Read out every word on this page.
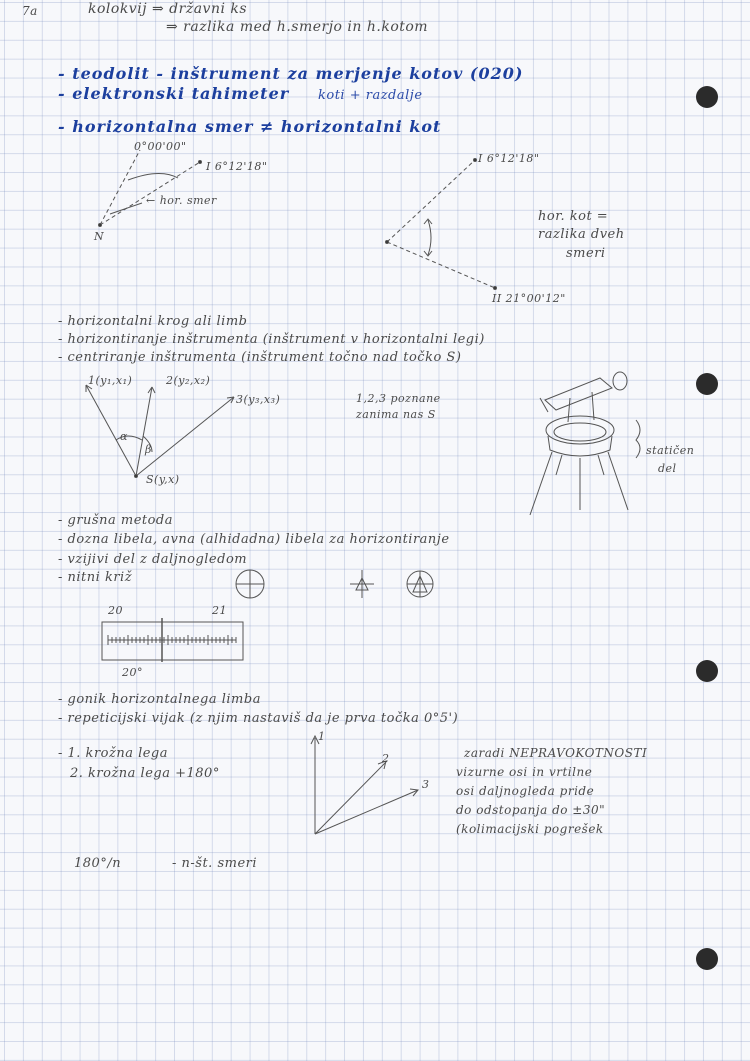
7a	kolokvij ⇒ državni ks
⇒ razlika med h.smerjo in h.kotom
- teodolit - inštrument za merjenje kotov (020)
- elektronski tahimeter koti + razdalje
- horizontalna smer ≠ horizontalni kot
0°00'00"
I 6°12'18"
N
← hor. smer
I 6°12'18"
II 21°00'12"
hor. kot =
razlika dveh
smeri
- horizontalni krog ali limb
- horizontiranje inštrumenta (inštrument v horizontalni legi)
- centriranje inštrumenta (inštrument točno nad točko S)
1(y₁,x₁)	2(y₂,x₂)
3(y₃,x₃)
α
β
S(y,x)
1,2,3 poznane
zanima nas S
statičen
del
- grušna metoda
- dozna libela, avna (alhidadna) libela za horizontiranje
- vzijivi del z daljnogledom
- nitni križ
20	21
20°
- gonik horizontalnega limba
- repeticijski vijak (z njim nastaviš da je prva točka 0°5')
- 1. krožna lega
2. krožna lega +180°
1
2
3
zaradi NEPRAVOKOTNOSTI
vizurne osi in vrtilne
osi daljnogleda pride
do odstopanja do ±30"
(kolimacijski pogrešek
180°/n	- n-št. smeri
